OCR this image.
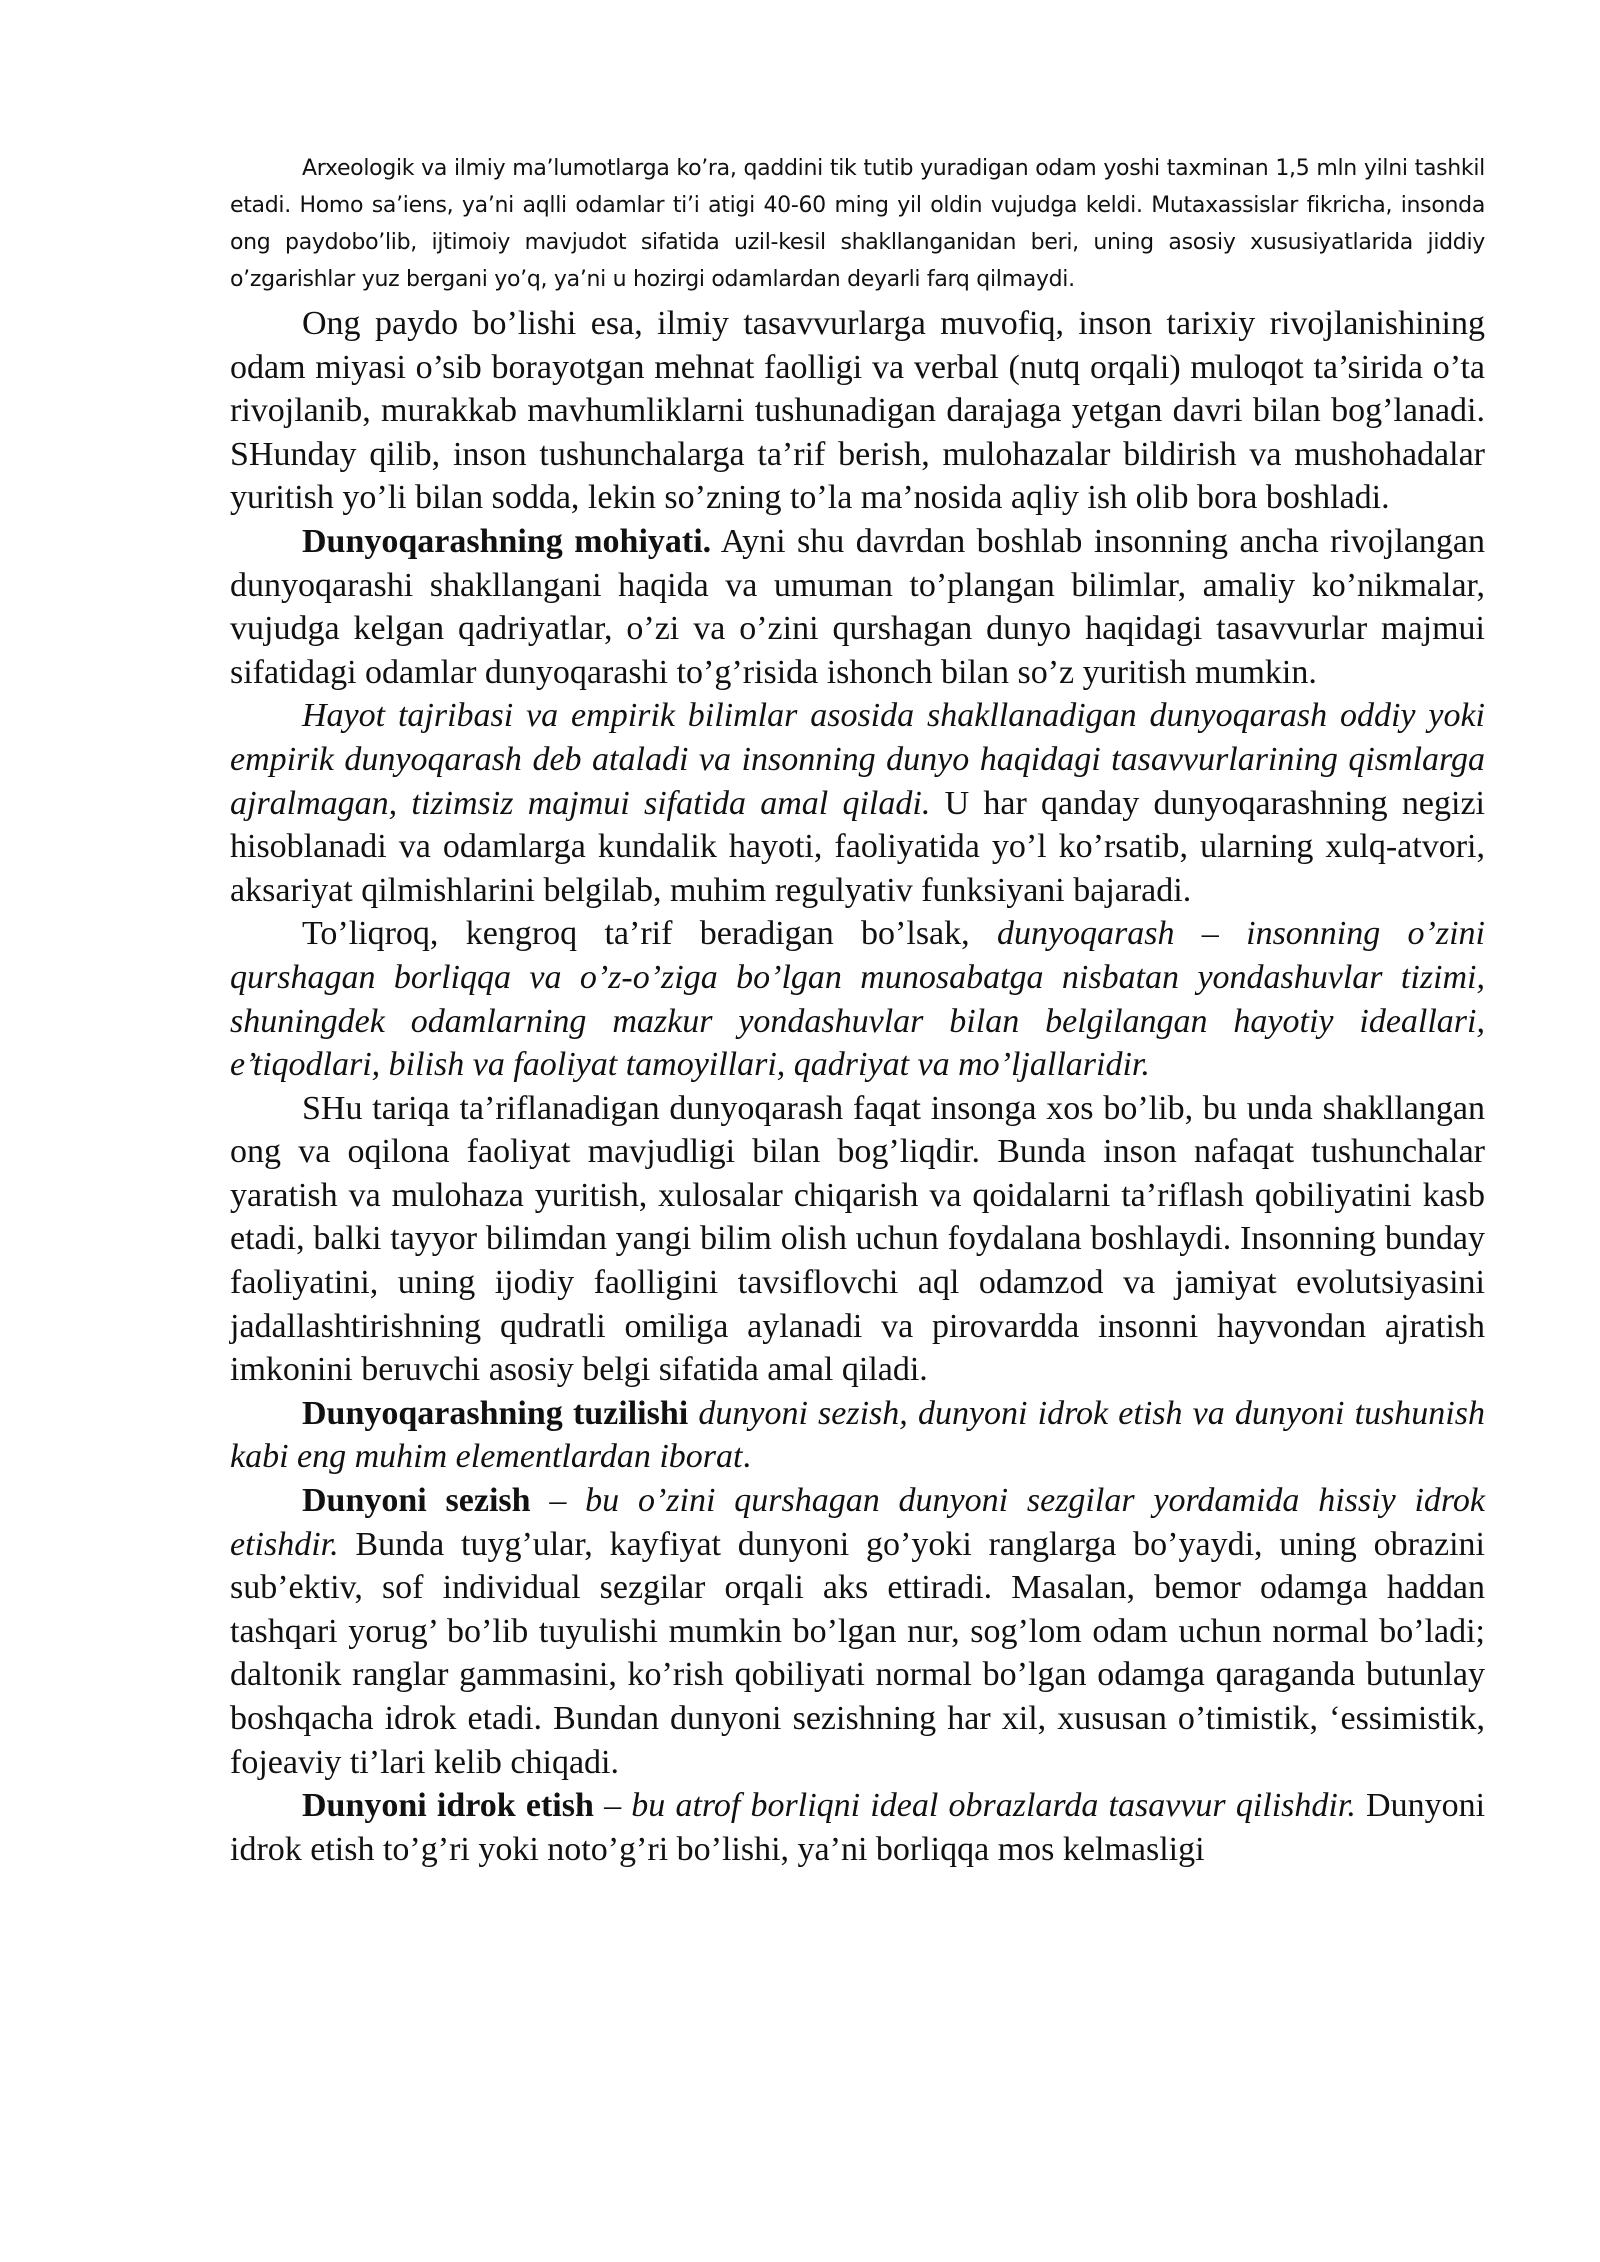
Arxeologik va ilmiy ma’lumotlarga ko’ra, qaddini tik tutib yuradigan odam yoshi taxminan 1,5 mln yilni tashkil etadi. Homo sa’iens, ya’ni aqlli odamlar ti’i atigi 40-60 ming yil oldin vujudga keldi. Mutaxassislar fikricha, insonda ong paydobo’lib, ijtimoiy mavjudot sifatida uzil-kesil shakllanganidan beri, uning asosiy xususiyatlarida jiddiy o’zgarishlar yuz bergani yo’q, ya’ni u hozirgi odamlardan deyarli farq qilmaydi.

Ong paydo bo’lishi esa, ilmiy tasavvurlarga muvofiq, inson tarixiy rivojlanishining odam miyasi o’sib borayotgan mehnat faolligi va verbal (nutq orqali) muloqot ta’sirida o’ta rivojlanib, murakkab mavhumliklarni tushunadigan darajaga yetgan davri bilan bog’lanadi. SHunday qilib, inson tushunchalarga ta’rif berish, mulohazalar bildirish va mushohadalar yuritish yo’li bilan sodda, lekin so’zning to’la ma’nosida aqliy ish olib bora boshladi.

Dunyoqarashning mohiyati. Ayni shu davrdan boshlab insonning ancha rivojlangan dunyoqarashi shakllangani haqida va umuman to’plangan bilimlar, amaliy ko’nikmalar, vujudga kelgan qadriyatlar, o’zi va o’zini qurshagan dunyo haqidagi tasavvurlar majmui sifatidagi odamlar dunyoqarashi to’g’risida ishonch bilan so’z yuritish mumkin.

Hayot tajribasi va empirik bilimlar asosida shakllanadigan dunyoqarash oddiy yoki empirik dunyoqarash deb ataladi va insonning dunyo haqidagi tasavvurlarining qismlarga ajralmagan, tizimsiz majmui sifatida amal qiladi. U har qanday dunyoqarashning negizi hisoblanadi va odamlarga kundalik hayoti, faoliyatida yo’l ko’rsatib, ularning xulq-atvori, aksariyat qilmishlarini belgilab, muhim regulyativ funksiyani bajaradi.

To’liqroq, kengroq ta’rif beradigan bo’lsak, dunyoqarash – insonning o’zini qurshagan borliqqa va o’z-o’ziga bo’lgan munosabatga nisbatan yondashuvlar tizimi, shuningdek odamlarning mazkur yondashuvlar bilan belgilangan hayotiy ideallari, e’tiqodlari, bilish va faoliyat tamoyillari, qadriyat va mo’ljallaridir.

SHu tariqa ta’riflanadigan dunyoqarash faqat insonga xos bo’lib, bu unda shakllangan ong va oqilona faoliyat mavjudligi bilan bog’liqdir. Bunda inson nafaqat tushunchalar yaratish va mulohaza yuritish, xulosalar chiqarish va qoidalarni ta’riflash qobiliyatini kasb etadi, balki tayyor bilimdan yangi bilim olish uchun foydalana boshlaydi. Insonning bunday faoliyatini, uning ijodiy faolligini tavsiflovchi aql odamzod va jamiyat evolutsiyasini jadallashtirishning qudratli omiliga aylanadi va pirovardda insonni hayvondan ajratish imkonini beruvchi asosiy belgi sifatida amal qiladi.

Dunyoqarashning tuzilishi dunyoni sezish, dunyoni idrok etish va dunyoni tushunish kabi eng muhim elementlardan iborat.

Dunyoni sezish – bu o’zini qurshagan dunyoni sezgilar yordamida hissiy idrok etishdir. Bunda tuyg’ular, kayfiyat dunyoni go’yoki ranglarga bo’yaydi, uning obrazini sub’ektiv, sof individual sezgilar orqali aks ettiradi. Masalan, bemor odamga haddan tashqari yorug’ bo’lib tuyulishi mumkin bo’lgan nur, sog’lom odam uchun normal bo’ladi; daltonik ranglar gammasini, ko’rish qobiliyati normal bo’lgan odamga qaraganda butunlay boshqacha idrok etadi. Bundan dunyoni sezishning har xil, xususan o’timistik, ‘essimistik, fojeaviy ti’lari kelib chiqadi.

Dunyoni idrok etish – bu atrof borliqni ideal obrazlarda tasavvur qilishdir. Dunyoni idrok etish to’g’ri yoki noto’g’ri bo’lishi, ya’ni borliqqa mos kelmasligi
